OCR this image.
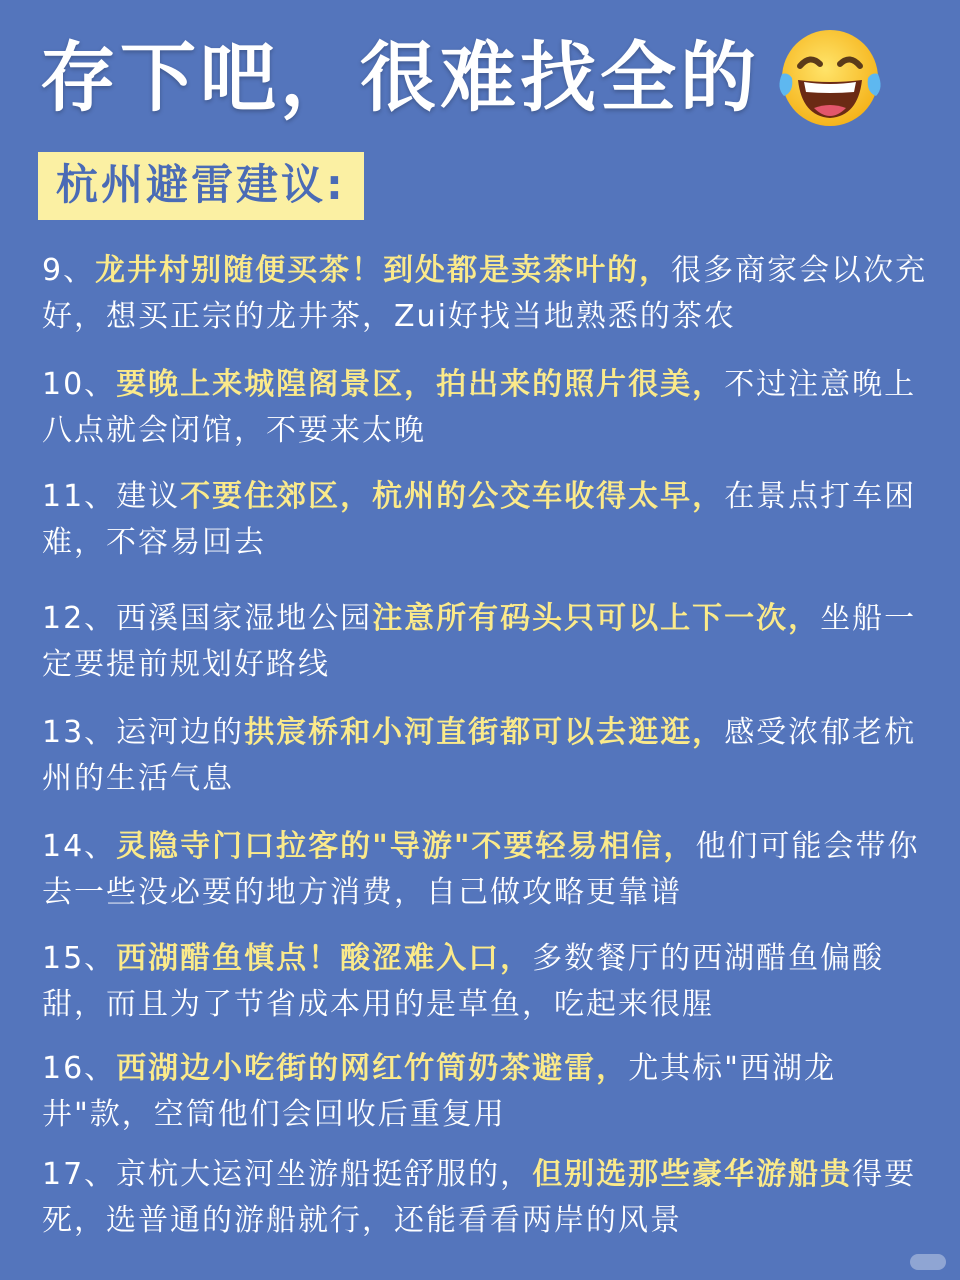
存下吧，很难找全的
杭州避雷建议:
9、龙井村别随便买茶！到处都是卖茶叶的，很多商家会以次充好，想买正宗的龙井茶，Zui好找当地熟悉的茶农
10、要晚上来城隍阁景区，拍出来的照片很美，不过注意晚上八点就会闭馆，不要来太晚
11、建议不要住郊区，杭州的公交车收得太早，在景点打车困难，不容易回去
12、西溪国家湿地公园注意所有码头只可以上下一次，坐船一定要提前规划好路线
13、运河边的拱宸桥和小河直街都可以去逛逛，感受浓郁老杭州的生活气息
14、灵隐寺门口拉客的"导游"不要轻易相信，他们可能会带你去一些没必要的地方消费，自己做攻略更靠谱
15、西湖醋鱼慎点！酸涩难入口，多数餐厅的西湖醋鱼偏酸甜，而且为了节省成本用的是草鱼，吃起来很腥
16、西湖边小吃街的网红竹筒奶茶避雷，尤其标"西湖龙井"款，空筒他们会回收后重复用
17、京杭大运河坐游船挺舒服的，但别选那些豪华游船贵得要死，选普通的游船就行，还能看看两岸的风景
